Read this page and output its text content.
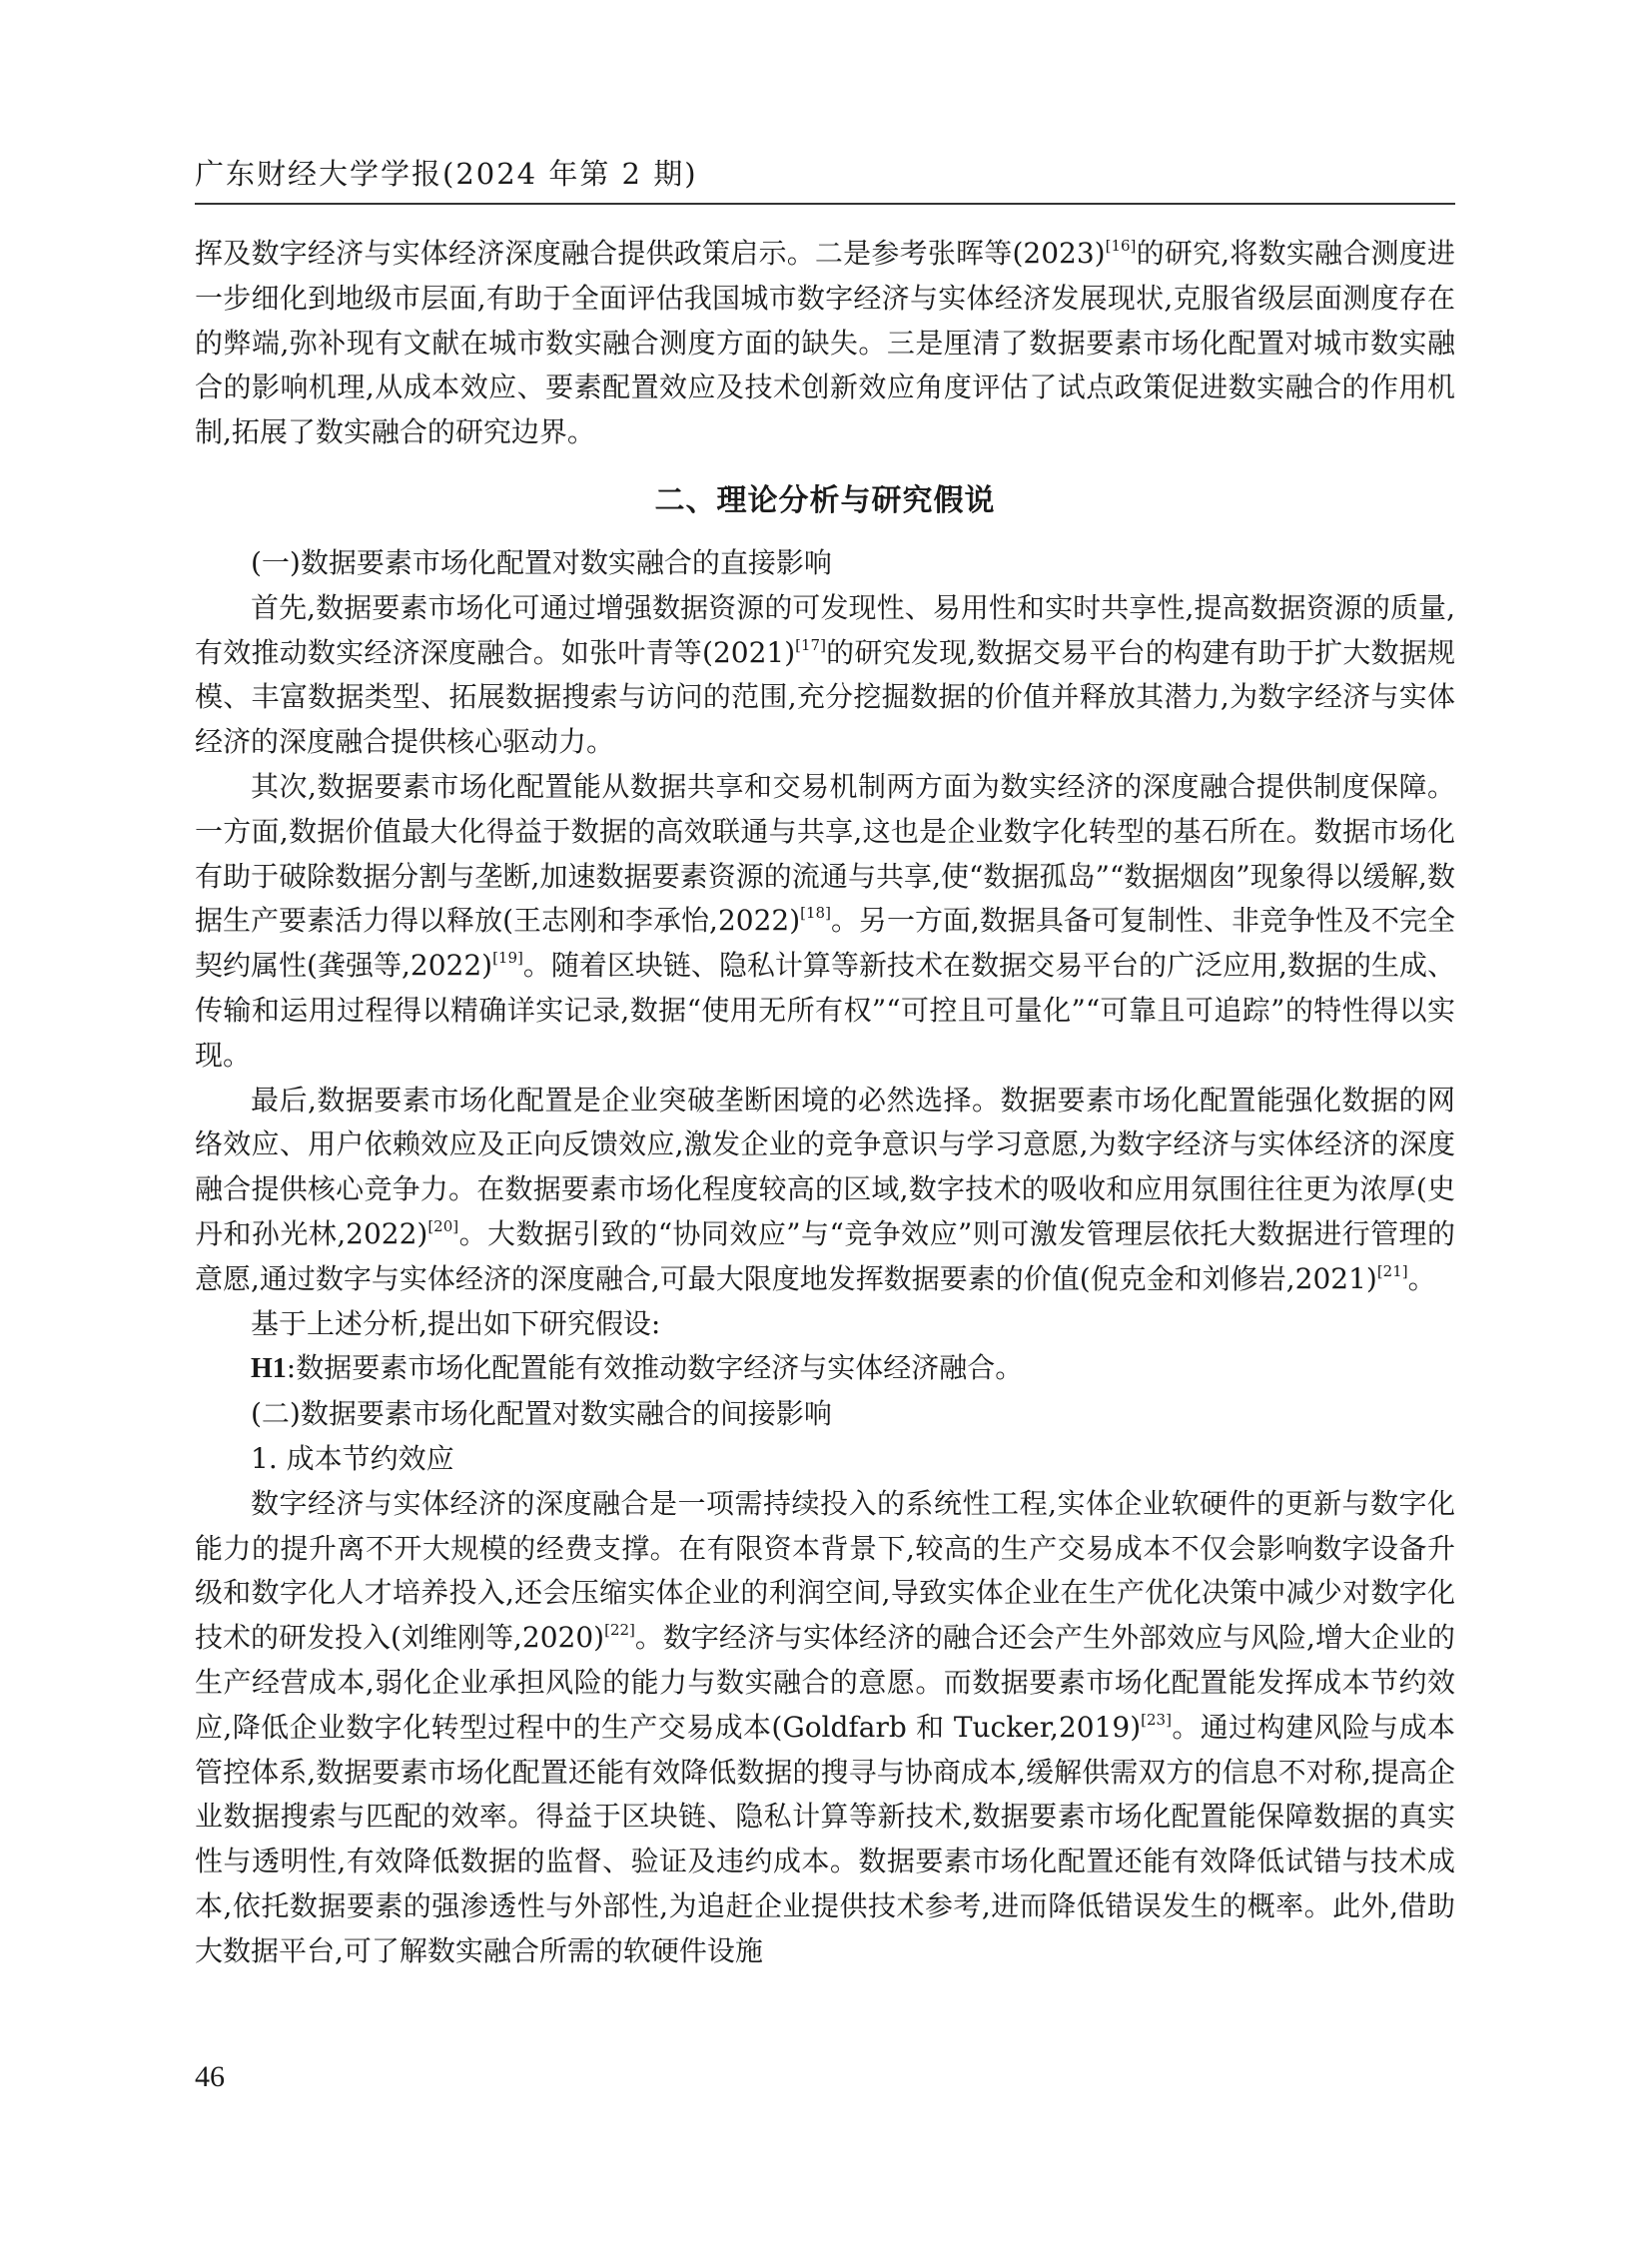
广东财经大学学报(2024 年第 2 期)

挥及数字经济与实体经济深度融合提供政策启示。二是参考张晖等(2023)[16]的研究,将数实融合测度进一步细化到地级市层面,有助于全面评估我国城市数字经济与实体经济发展现状,克服省级层面测度存在的弊端,弥补现有文献在城市数实融合测度方面的缺失。三是厘清了数据要素市场化配置对城市数实融合的影响机理,从成本效应、要素配置效应及技术创新效应角度评估了试点政策促进数实融合的作用机制,拓展了数实融合的研究边界。

二、理论分析与研究假说

(一)数据要素市场化配置对数实融合的直接影响

首先,数据要素市场化可通过增强数据资源的可发现性、易用性和实时共享性,提高数据资源的质量,有效推动数实经济深度融合。如张叶青等(2021)[17]的研究发现,数据交易平台的构建有助于扩大数据规模、丰富数据类型、拓展数据搜索与访问的范围,充分挖掘数据的价值并释放其潜力,为数字经济与实体经济的深度融合提供核心驱动力。

其次,数据要素市场化配置能从数据共享和交易机制两方面为数实经济的深度融合提供制度保障。一方面,数据价值最大化得益于数据的高效联通与共享,这也是企业数字化转型的基石所在。数据市场化有助于破除数据分割与垄断,加速数据要素资源的流通与共享,使“数据孤岛”“数据烟囱”现象得以缓解,数据生产要素活力得以释放(王志刚和李承怡,2022)[18]。另一方面,数据具备可复制性、非竞争性及不完全契约属性(龚强等,2022)[19]。随着区块链、隐私计算等新技术在数据交易平台的广泛应用,数据的生成、传输和运用过程得以精确详实记录,数据“使用无所有权”“可控且可量化”“可靠且可追踪”的特性得以实现。

最后,数据要素市场化配置是企业突破垄断困境的必然选择。数据要素市场化配置能强化数据的网络效应、用户依赖效应及正向反馈效应,激发企业的竞争意识与学习意愿,为数字经济与实体经济的深度融合提供核心竞争力。在数据要素市场化程度较高的区域,数字技术的吸收和应用氛围往往更为浓厚(史丹和孙光林,2022)[20]。大数据引致的“协同效应”与“竞争效应”则可激发管理层依托大数据进行管理的意愿,通过数字与实体经济的深度融合,可最大限度地发挥数据要素的价值(倪克金和刘修岩,2021)[21]。

基于上述分析,提出如下研究假设:

H1:数据要素市场化配置能有效推动数字经济与实体经济融合。

(二)数据要素市场化配置对数实融合的间接影响

1. 成本节约效应

数字经济与实体经济的深度融合是一项需持续投入的系统性工程,实体企业软硬件的更新与数字化能力的提升离不开大规模的经费支撑。在有限资本背景下,较高的生产交易成本不仅会影响数字设备升级和数字化人才培养投入,还会压缩实体企业的利润空间,导致实体企业在生产优化决策中减少对数字化技术的研发投入(刘维刚等,2020)[22]。数字经济与实体经济的融合还会产生外部效应与风险,增大企业的生产经营成本,弱化企业承担风险的能力与数实融合的意愿。而数据要素市场化配置能发挥成本节约效应,降低企业数字化转型过程中的生产交易成本(Goldfarb 和 Tucker,2019)[23]。通过构建风险与成本管控体系,数据要素市场化配置还能有效降低数据的搜寻与协商成本,缓解供需双方的信息不对称,提高企业数据搜索与匹配的效率。得益于区块链、隐私计算等新技术,数据要素市场化配置能保障数据的真实性与透明性,有效降低数据的监督、验证及违约成本。数据要素市场化配置还能有效降低试错与技术成本,依托数据要素的强渗透性与外部性,为追赶企业提供技术参考,进而降低错误发生的概率。此外,借助大数据平台,可了解数实融合所需的软硬件设施

46
